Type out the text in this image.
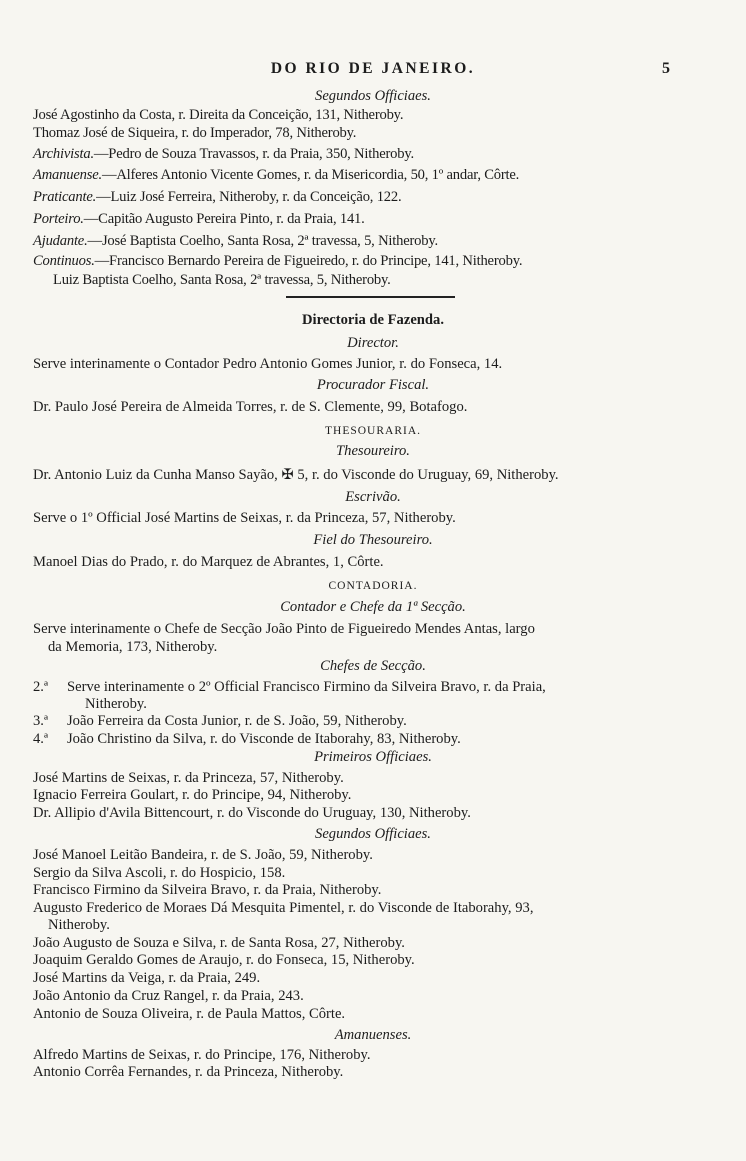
DO RIO DE JANEIRO.	5
Segundos Officiaes.
José Agostinho da Costa, r. Direita da Conceição, 131, Nitheroby.
Thomaz José de Siqueira, r. do Imperador, 78, Nitheroby.
Archivista.—Pedro de Souza Travassos, r. da Praia, 350, Nitheroby.
Amanuense.—Alferes Antonio Vicente Gomes, r. da Misericordia, 50, 1º andar, Côrte.
Praticante.—Luiz José Ferreira, Nitheroby, r. da Conceição, 122.
Porteiro.—Capitão Augusto Pereira Pinto, r. da Praia, 141.
Ajudante.—José Baptista Coelho, Santa Rosa, 2ª travessa, 5, Nitheroby.
Continuos.—Francisco Bernardo Pereira de Figueiredo, r. do Principe, 141, Nitheroby.
Luiz Baptista Coelho, Santa Rosa, 2ª travessa, 5, Nitheroby.
Directoria de Fazenda.
Director.
Serve interinamente o Contador Pedro Antonio Gomes Junior, r. do Fonseca, 14.
Procurador Fiscal.
Dr. Paulo José Pereira de Almeida Torres, r. de S. Clemente, 99, Botafogo.
THESOURARIA.
Thesoureiro.
Dr. Antonio Luiz da Cunha Manso Sayão, ✠ 5, r. do Visconde do Uruguay, 69, Nitheroby.
Escrivão.
Serve o 1º Official José Martins de Seixas, r. da Princeza, 57, Nitheroby.
Fiel do Thesoureiro.
Manoel Dias do Prado, r. do Marquez de Abrantes, 1, Côrte.
CONTADORIA.
Contador e Chefe da 1ª Secção.
Serve interinamente o Chefe de Secção João Pinto de Figueiredo Mendes Antas, largo
da Memoria, 173, Nitheroby.
Chefes de Secção.
2.ª Serve interinamente o 2º Official Francisco Firmino da Silveira Bravo, r. da Praia,
Nitheroby.
3.ª João Ferreira da Costa Junior, r. de S. João, 59, Nitheroby.
4.ª João Christino da Silva, r. do Visconde de Itaborahy, 83, Nitheroby.
Primeiros Officiaes.
José Martins de Seixas, r. da Princeza, 57, Nitheroby.
Ignacio Ferreira Goulart, r. do Principe, 94, Nitheroby.
Dr. Allipio d'Avila Bittencourt, r. do Visconde do Uruguay, 130, Nitheroby.
Segundos Officiaes.
José Manoel Leitão Bandeira, r. de S. João, 59, Nitheroby.
Sergio da Silva Ascoli, r. do Hospicio, 158.
Francisco Firmino da Silveira Bravo, r. da Praia, Nitheroby.
Augusto Frederico de Moraes Dá Mesquita Pimentel, r. do Visconde de Itaborahy, 93,
Nitheroby.
João Augusto de Souza e Silva, r. de Santa Rosa, 27, Nitheroby.
Joaquim Geraldo Gomes de Araujo, r. do Fonseca, 15, Nitheroby.
José Martins da Veiga, r. da Praia, 249.
João Antonio da Cruz Rangel, r. da Praia, 243.
Antonio de Souza Oliveira, r. de Paula Mattos, Côrte.
Amanuenses.
Alfredo Martins de Seixas, r. do Principe, 176, Nitheroby.
Antonio Corrêa Fernandes, r. da Princeza, Nitheroby.
